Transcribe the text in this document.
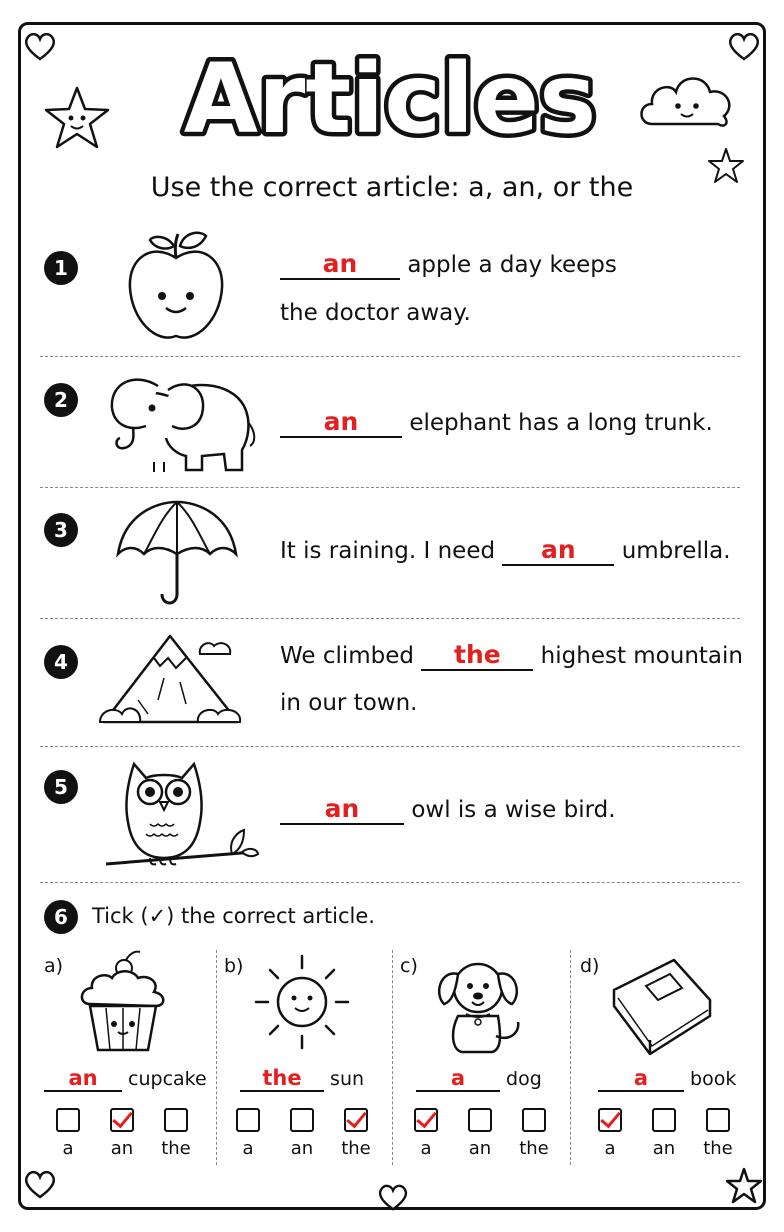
Articles
Use the correct article: a, an, or the
1	an apple a day keeps
the doctor away.
2
an elephant has a long trunk.
3
It is raining. I need an umbrella.
4	We climbed the highest mountain
in our town.
5
an owl is a wise bird.
6	Tick (✓) the correct article.
a)
an cupcake
b)
the sun
c)
a dog
d)
a book
a	an	the	a	an	the	a	an	the	a	an	the
